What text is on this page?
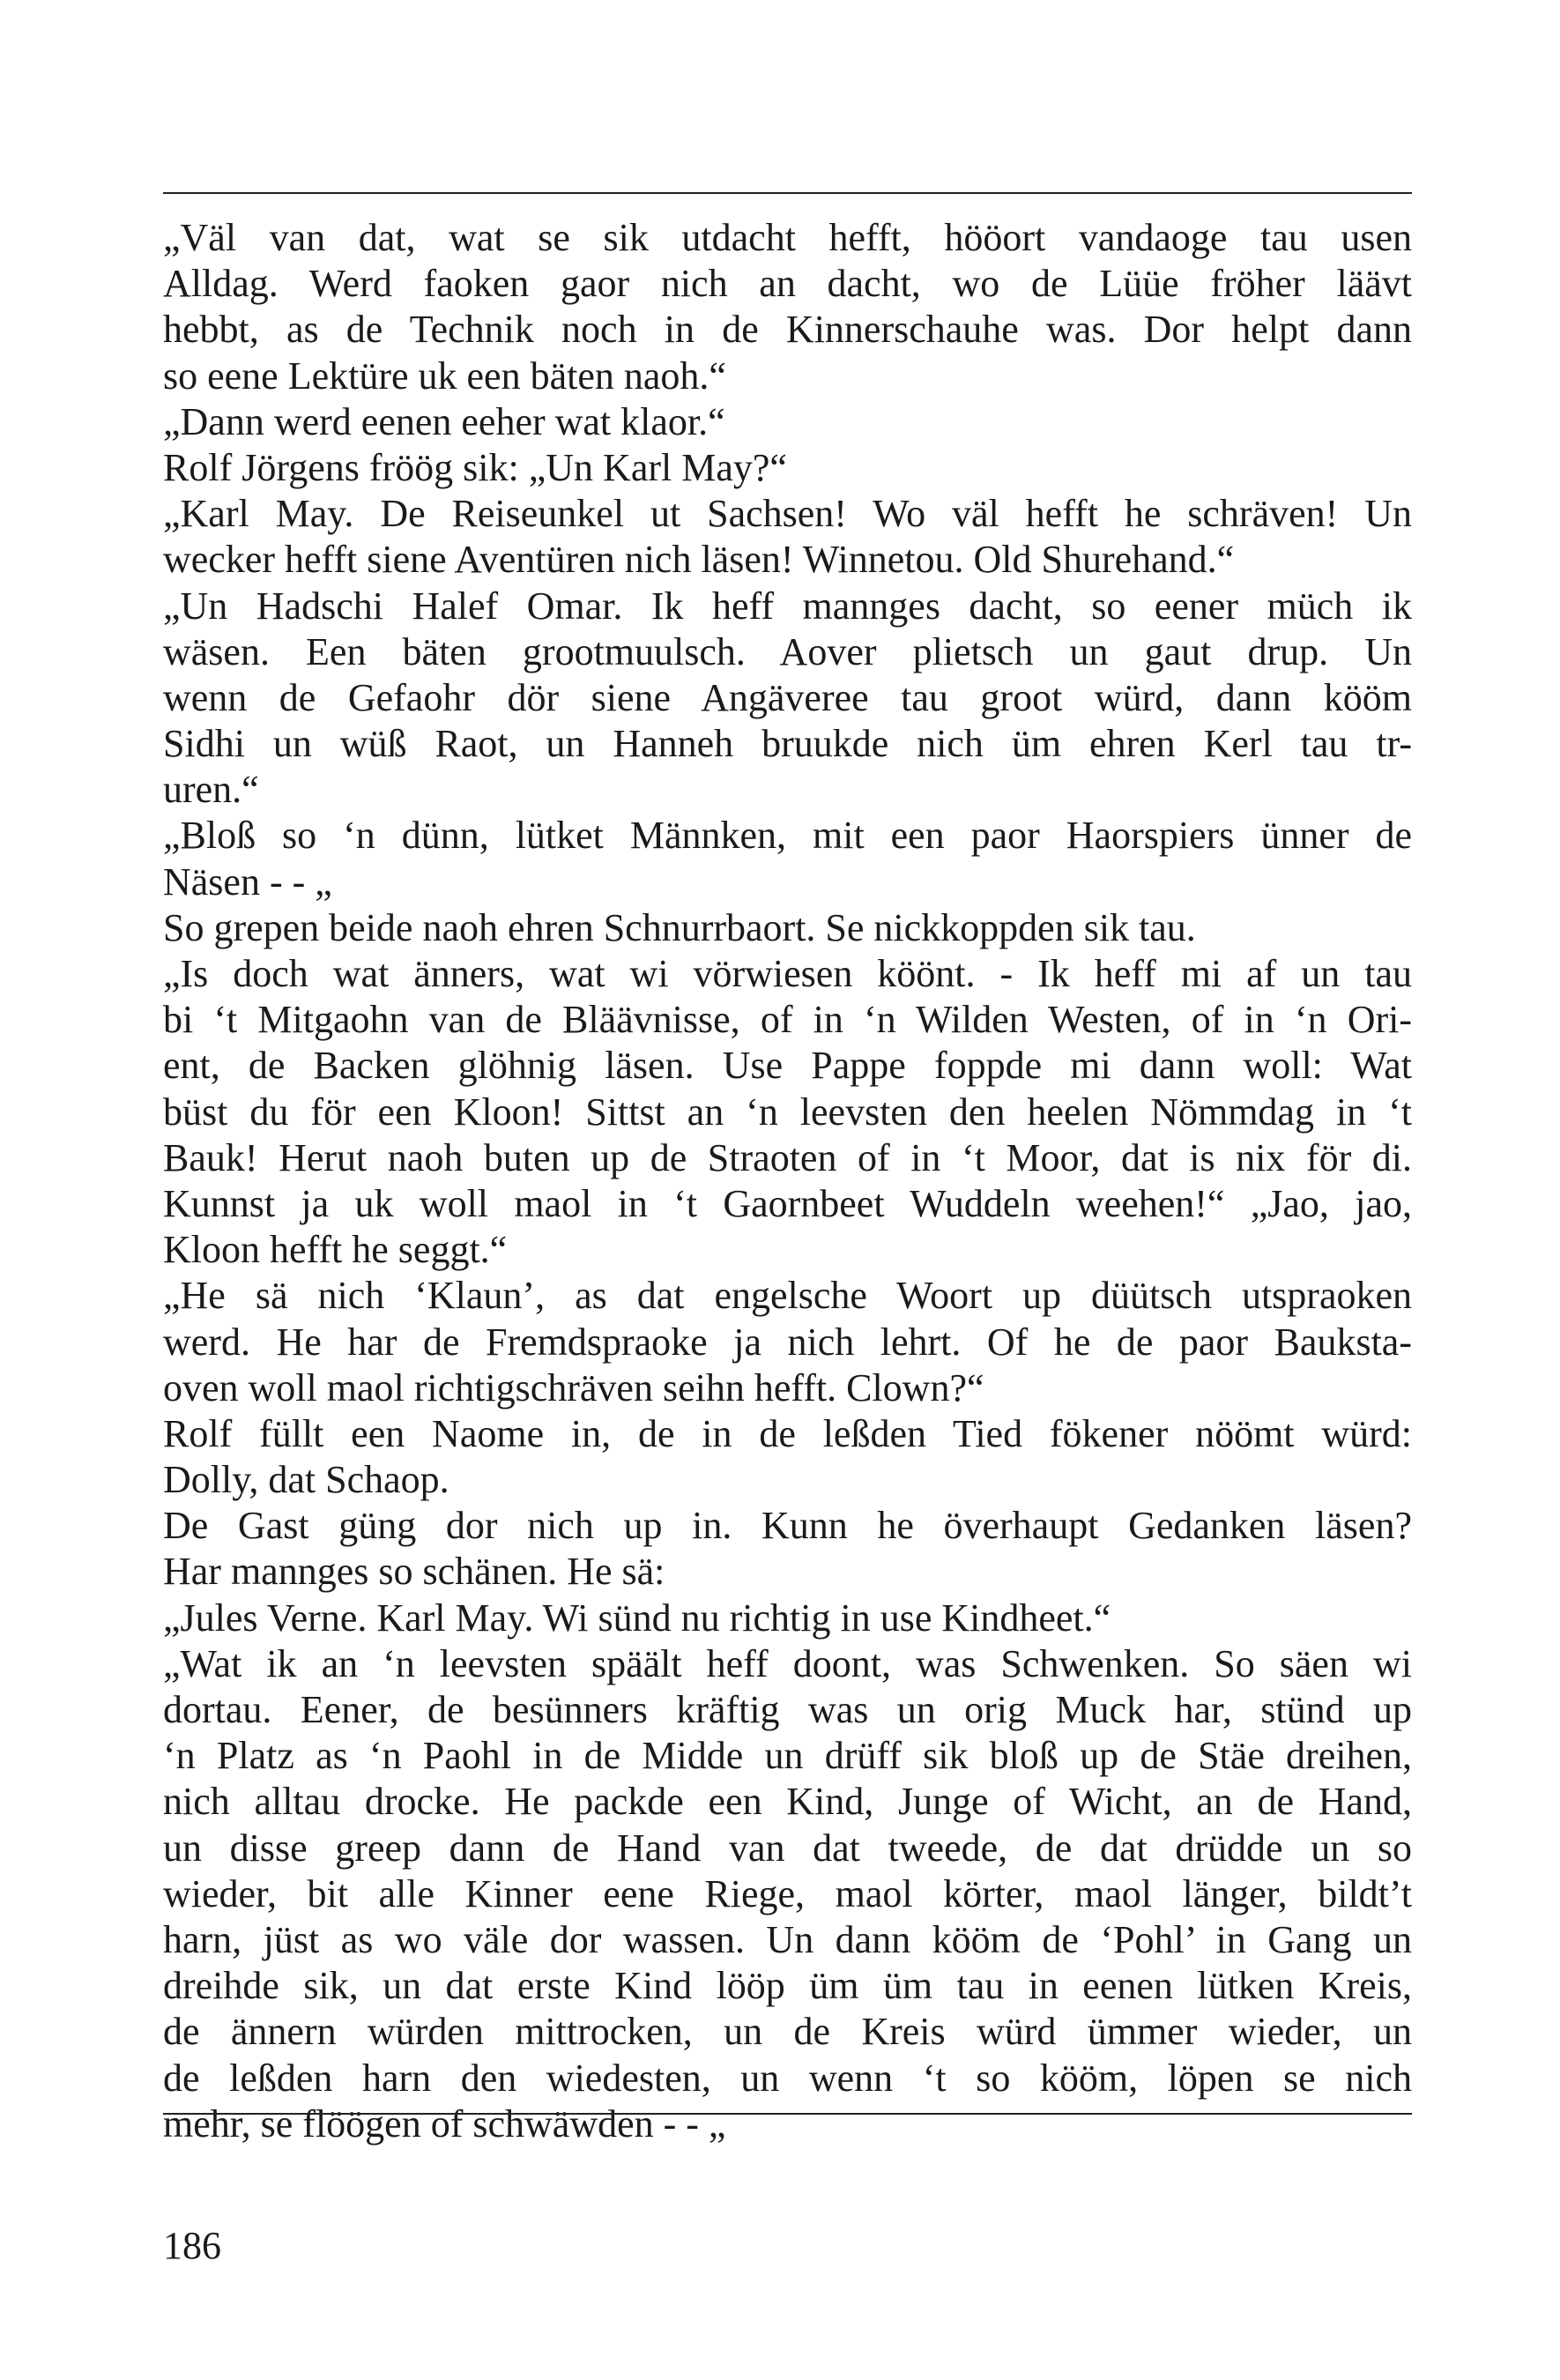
„Väl van dat, wat se sik utdacht hefft, hööort vandaoge tau usen
Alldag. Werd faoken gaor nich an dacht, wo de Lüüe fröher läävt
hebbt, as de Technik noch in de Kinnerschauhe was. Dor helpt dann
so eene Lektüre uk een bäten naoh.“
„Dann werd eenen eeher wat klaor.“
Rolf Jörgens fröög sik: „Un Karl May?“
„Karl May. De Reiseunkel ut Sachsen! Wo väl hefft he schräven! Un
wecker hefft siene Aventüren nich läsen! Winnetou. Old Shurehand.“
„Un Hadschi Halef Omar. Ik heff mannges dacht, so eener müch ik
wäsen. Een bäten grootmuulsch. Aover plietsch un gaut drup. Un
wenn de Gefaohr dör siene Angäveree tau groot würd, dann kööm
Sidhi un wüß Raot, un Hanneh bruukde nich üm ehren Kerl tau tr-
uren.“
„Bloß so ‘n dünn, lütket Männken, mit een paor Haorspiers ünner de
Näsen - - „
So grepen beide naoh ehren Schnurrbaort. Se nickkoppden sik tau.
„Is doch wat änners, wat wi vörwiesen köönt. - Ik heff mi af un tau
bi ‘t Mitgaohn van de Bläävnisse, of in ‘n Wilden Westen, of in ‘n Ori-
ent, de Backen glöhnig läsen. Use Pappe foppde mi dann woll: Wat
büst du för een Kloon! Sittst an ‘n leevsten den heelen Nömmdag in ‘t
Bauk! Herut naoh buten up de Straoten of in ‘t Moor, dat is nix för di.
Kunnst ja uk woll maol in ‘t Gaornbeet Wuddeln weehen!“ „Jao, jao,
Kloon hefft he seggt.“
„He sä nich ‘Klaun’, as dat engelsche Woort up düütsch utspraoken
werd. He har de Fremdspraoke ja nich lehrt. Of he de paor Bauksta-
oven woll maol richtigschräven seihn hefft. Clown?“
Rolf füllt een Naome in, de in de leßden Tied fökener nöömt würd:
Dolly, dat Schaop.
De Gast güng dor nich up in. Kunn he överhaupt Gedanken läsen?
Har mannges so schänen. He sä:
„Jules Verne. Karl May. Wi sünd nu richtig in use Kindheet.“
„Wat ik an ‘n leevsten späält heff doont, was Schwenken. So säen wi
dortau. Eener, de besünners kräftig was un orig Muck har, stünd up
‘n Platz as ‘n Paohl in de Midde un drüff sik bloß up de Stäe dreihen,
nich alltau drocke. He packde een Kind, Junge of Wicht, an de Hand,
un disse greep dann de Hand van dat tweede, de dat drüdde un so
wieder, bit alle Kinner eene Riege, maol körter, maol länger, bildt’t
harn, jüst as wo väle dor wassen. Un dann kööm de ‘Pohl’ in Gang un
dreihde sik, un dat erste Kind lööp üm üm tau in eenen lütken Kreis,
de ännern würden mittrocken, un de Kreis würd ümmer wieder, un
de leßden harn den wiedesten, un wenn ‘t so kööm, löpen se nich
mehr, se flöögen of schwäwden - - „
186
